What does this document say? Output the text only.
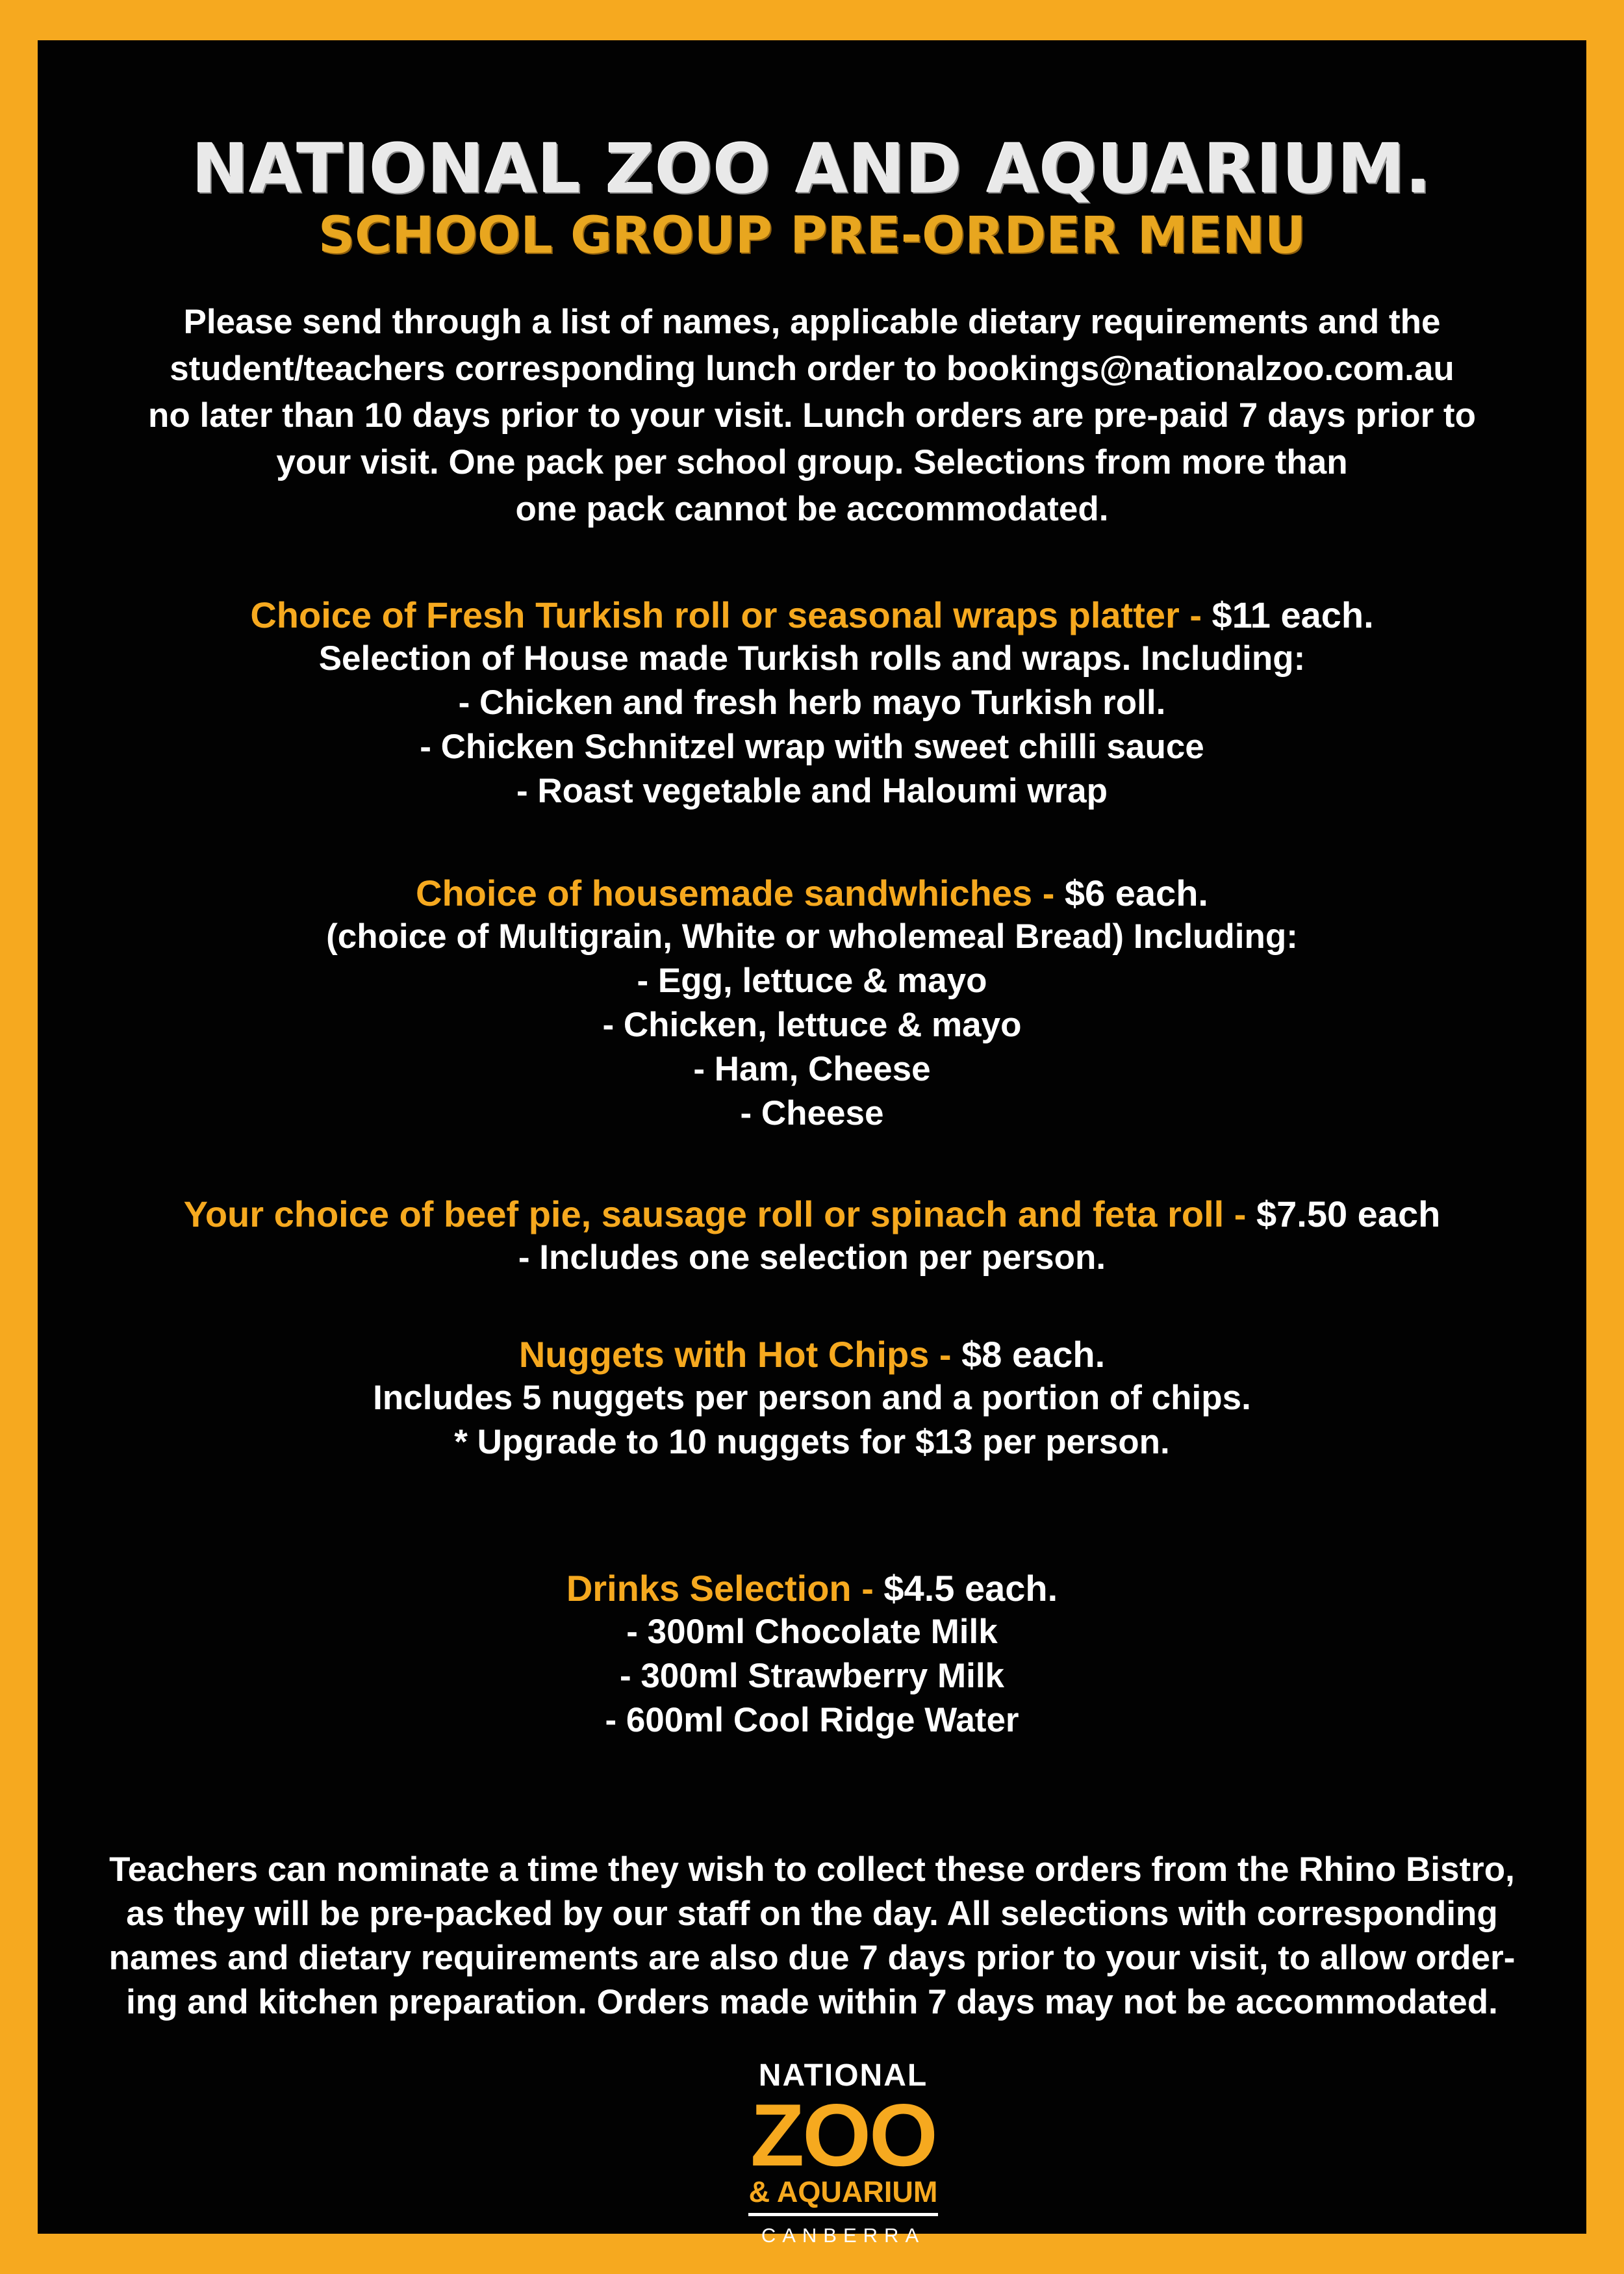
NATIONAL ZOO AND AQUARIUM.
SCHOOL GROUP PRE-ORDER MENU
Please send through a list of names, applicable dietary requirements and the
student/teachers corresponding lunch order to bookings@nationalzoo.com.au
no later than 10 days prior to your visit. Lunch orders are pre-paid 7 days prior to
your visit. One pack per school group. Selections from more than
one pack cannot be accommodated.
Choice of Fresh Turkish roll or seasonal wraps platter - $11 each.
Selection of House made Turkish rolls and wraps. Including:
- Chicken and fresh herb mayo Turkish roll.
- Chicken Schnitzel wrap with sweet chilli sauce
- Roast vegetable and Haloumi wrap
Choice of housemade sandwhiches - $6 each.
(choice of Multigrain, White or wholemeal Bread) Including:
- Egg, lettuce & mayo
- Chicken, lettuce & mayo
- Ham, Cheese
- Cheese
Your choice of beef pie, sausage roll or spinach and feta roll - $7.50 each
- Includes one selection per person.
Nuggets with Hot Chips - $8 each.
Includes 5 nuggets per person and a portion of chips.
* Upgrade to 10 nuggets for $13 per person.
Drinks Selection - $4.5 each.
- 300ml Chocolate Milk
- 300ml Strawberry Milk
- 600ml Cool Ridge Water
Teachers can nominate a time they wish to collect these orders from the Rhino Bistro,
as they will be pre-packed by our staff on the day. All selections with corresponding
names and dietary requirements are also due 7 days prior to your visit, to allow order-
ing and kitchen preparation. Orders made within 7 days may not be accommodated.
NATIONAL
ZOO
& AQUARIUM
CANBERRA
